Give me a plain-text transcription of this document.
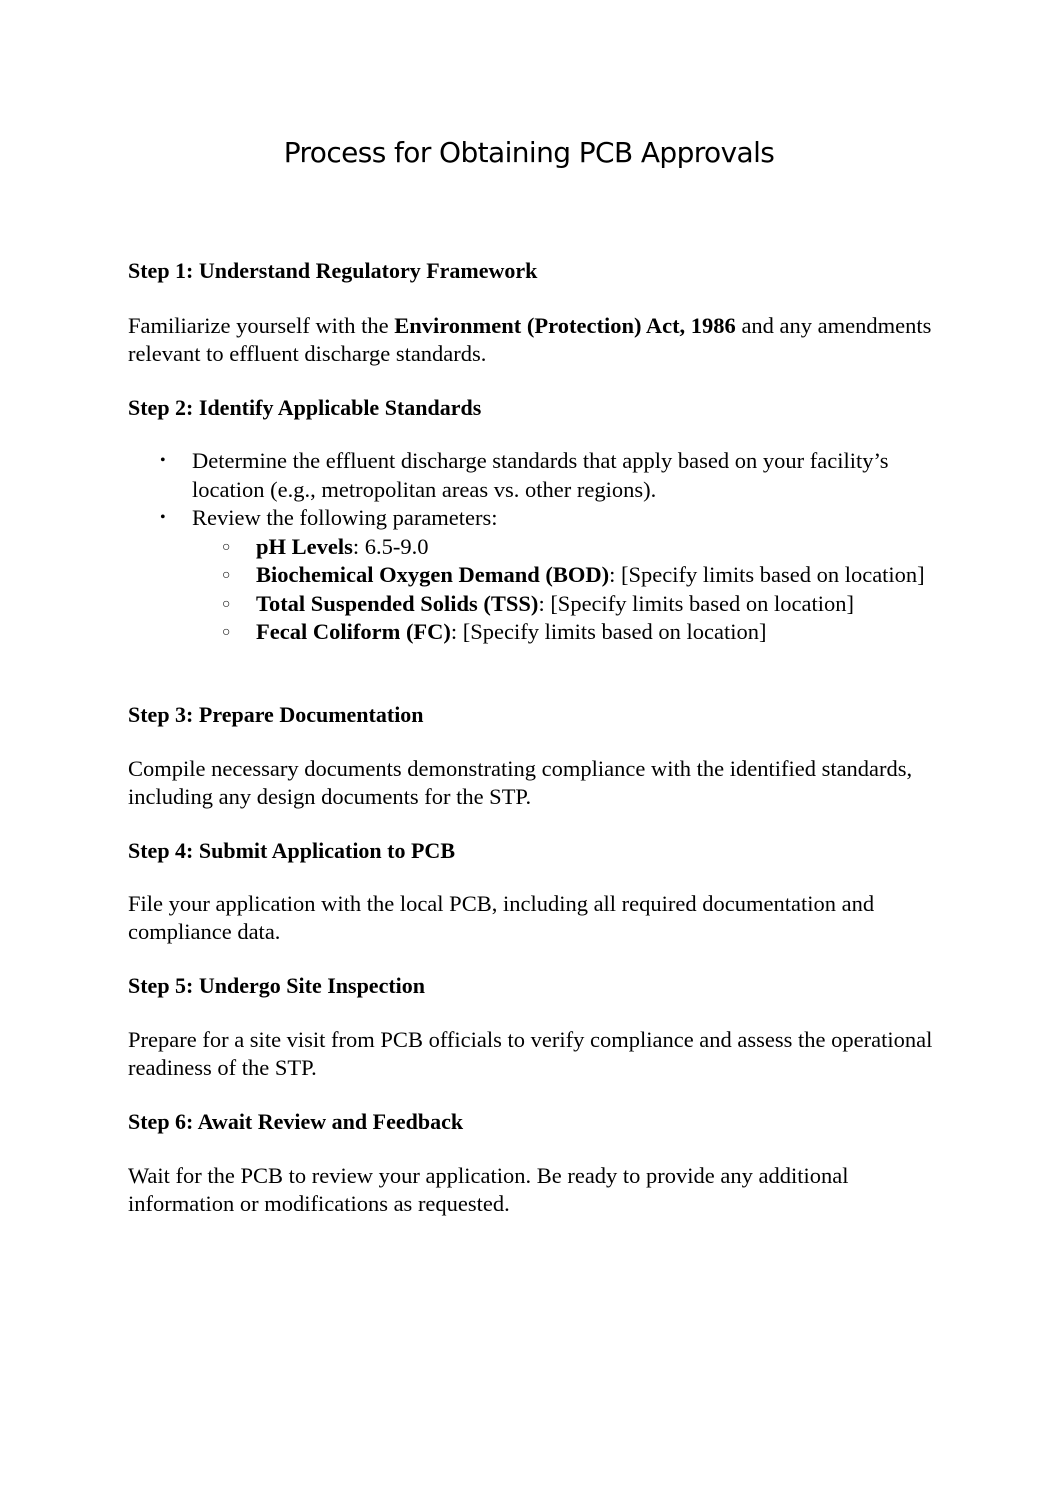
Process for Obtaining PCB Approvals
Step 1: Understand Regulatory Framework

Familiarize yourself with the Environment (Protection) Act, 1986 and any amendments relevant to effluent discharge standards.

Step 2: Identify Applicable Standards
• Determine the effluent discharge standards that apply based on your facility’s location (e.g., metropolitan areas vs. other regions).
• Review the following parameters:
○ pH Levels: 6.5-9.0
○ Biochemical Oxygen Demand (BOD): [Specify limits based on location]
○ Total Suspended Solids (TSS): [Specify limits based on location]
○ Fecal Coliform (FC): [Specify limits based on location]
Step 3: Prepare Documentation

Compile necessary documents demonstrating compliance with the identified standards, including any design documents for the STP.

Step 4: Submit Application to PCB

File your application with the local PCB, including all required documentation and compliance data.

Step 5: Undergo Site Inspection

Prepare for a site visit from PCB officials to verify compliance and assess the operational readiness of the STP.

Step 6: Await Review and Feedback

Wait for the PCB to review your application. Be ready to provide any additional information or modifications as requested.
